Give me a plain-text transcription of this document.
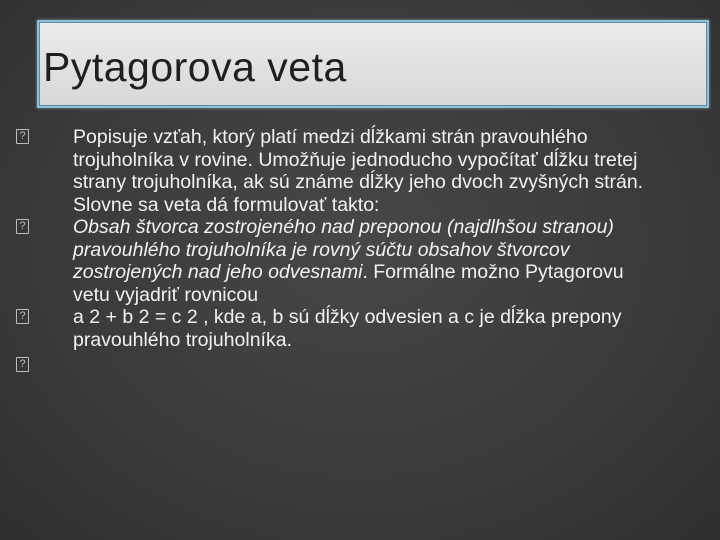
Pytagorova veta

?
Popisuje vzťah, ktorý platí medzi dĺžkami strán pravouhlého trojuholníka v rovine. Umožňuje jednoducho vypočítať dĺžku tretej strany trojuholníka, ak sú známe dĺžky jeho dvoch zvyšných strán. Slovne sa veta dá formulovať takto:

?
Obsah štvorca zostrojeného nad preponou (najdlhšou stranou) pravouhlého trojuholníka je rovný súčtu obsahov štvorcov zostrojených nad jeho odvesnami. Formálne možno Pytagorovu vetu vyjadriť rovnicou

?
a 2 + b 2 = c 2 , kde a, b sú dĺžky odvesien a c je dĺžka prepony pravouhlého trojuholníka.

?
